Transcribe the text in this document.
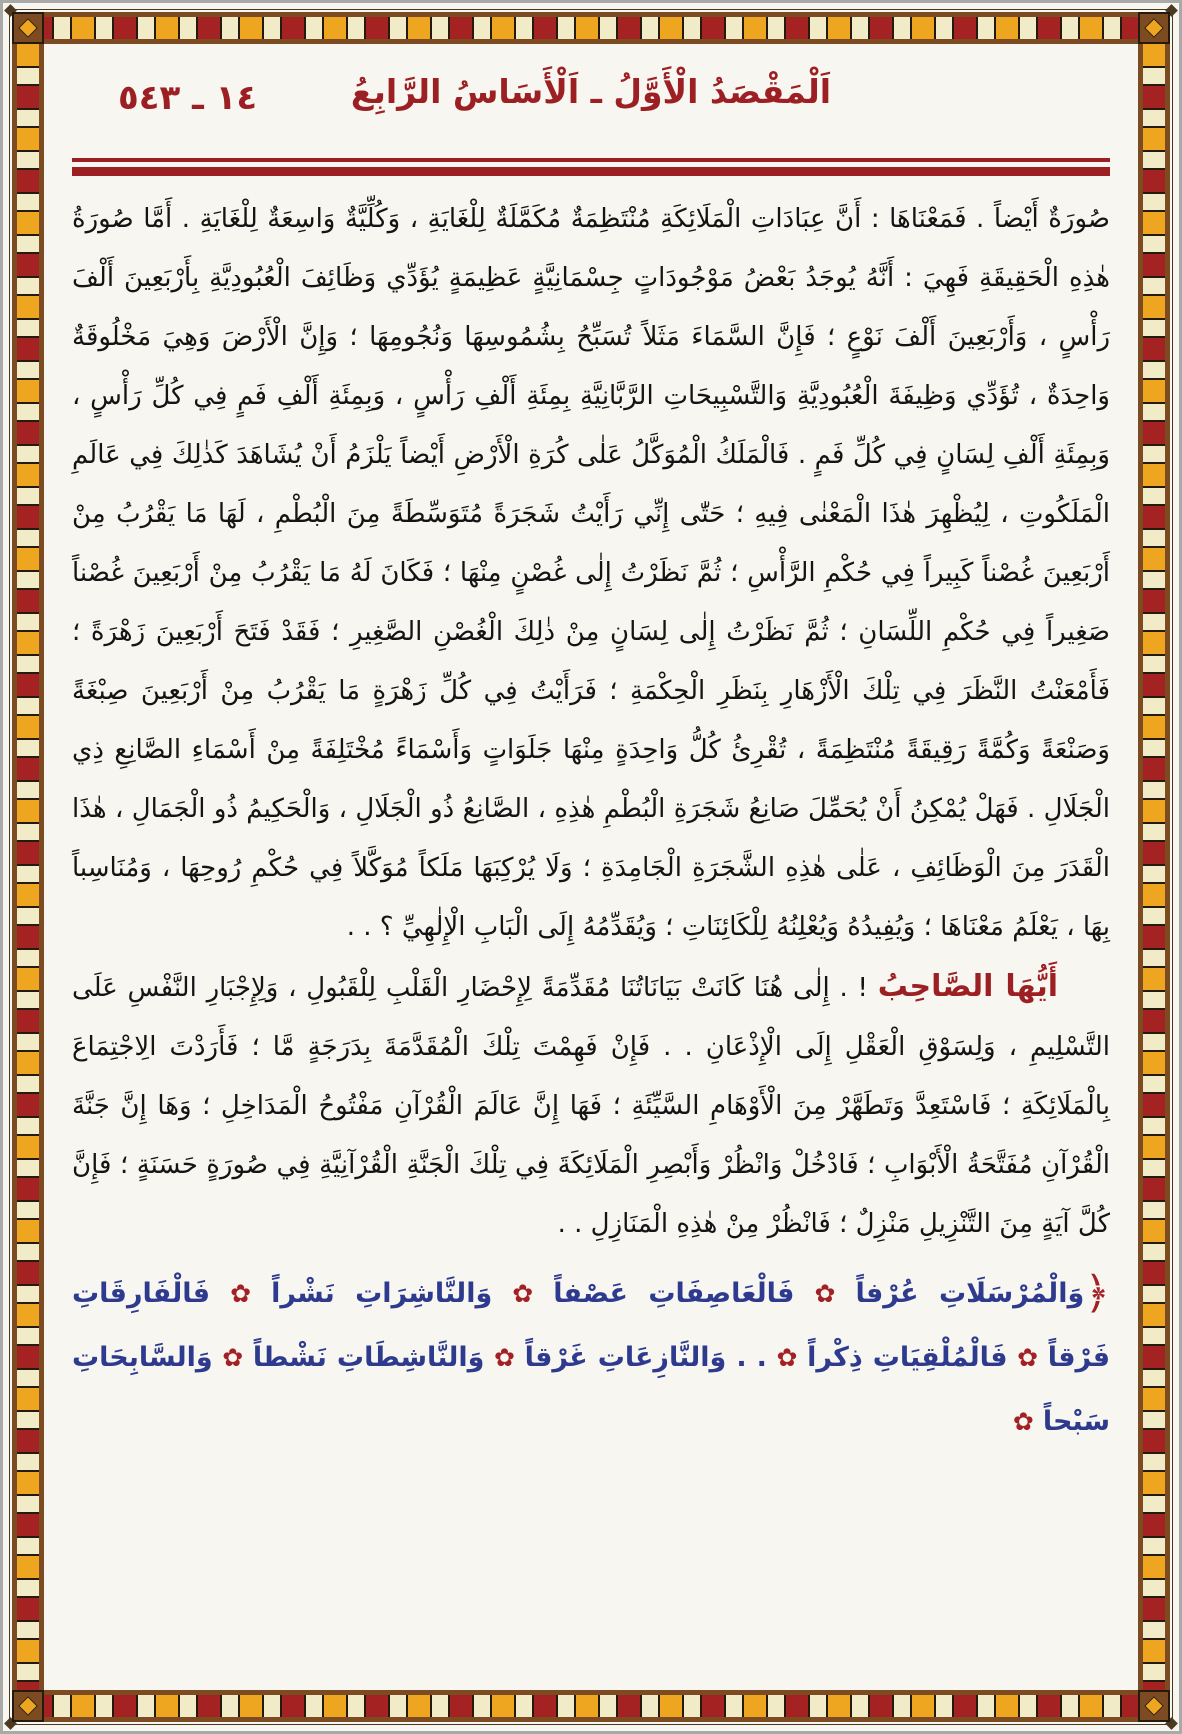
١٤ ـ ٥٤٣	اَلْمَقْصَدُ الْأَوَّلُ ـ اَلْأَسَاسُ الرَّابِعُ

صُورَةٌ أَيْضاً . فَمَعْنَاهَا : أَنَّ عِبَادَاتِ الْمَلَائِكَةِ مُنْتَظِمَةٌ مُكَمَّلَةٌ لِلْغَايَةِ ، وَكُلِّيَّةٌ وَاسِعَةٌ لِلْغَايَةِ . أَمَّا صُورَةُ هٰذِهِ الْحَقِيقَةِ فَهِيَ : أَنَّهُ يُوجَدُ بَعْضُ مَوْجُودَاتٍ جِسْمَانِيَّةٍ عَظِيمَةٍ يُؤَدِّي وَظَائِفَ الْعُبُودِيَّةِ بِأَرْبَعِينَ أَلْفَ رَأْسٍ ، وَأَرْبَعِينَ أَلْفَ نَوْعٍ ؛ فَإِنَّ السَّمَاءَ مَثَلاً تُسَبِّحُ بِشُمُوسِهَا وَنُجُومِهَا ؛ وَإِنَّ الْأَرْضَ وَهِيَ مَخْلُوقَةٌ وَاحِدَةٌ ، تُؤَدِّي وَظِيفَةَ الْعُبُودِيَّةِ وَالتَّسْبِيحَاتِ الرَّبَّانِيَّةِ بِمِئَةِ أَلْفِ رَأْسٍ ، وَبِمِئَةِ أَلْفِ فَمٍ فِي كُلِّ رَأْسٍ ، وَبِمِئَةِ أَلْفِ لِسَانٍ فِي كُلِّ فَمٍ . فَالْمَلَكُ الْمُوَكَّلُ عَلٰى كُرَةِ الْأَرْضِ أَيْضاً يَلْزَمُ أَنْ يُشَاهَدَ كَذٰلِكَ فِي عَالَمِ الْمَلَكُوتِ ، لِيُظْهِرَ هٰذَا الْمَعْنٰى فِيهِ ؛ حَتّٰى إِنِّي رَأَيْتُ شَجَرَةً مُتَوَسِّطَةً مِنَ الْبُطْمِ ، لَهَا مَا يَقْرُبُ مِنْ أَرْبَعِينَ غُصْناً كَبِيراً فِي حُكْمِ الرَّأْسِ ؛ ثُمَّ نَظَرْتُ إِلٰى غُصْنٍ مِنْهَا ؛ فَكَانَ لَهُ مَا يَقْرُبُ مِنْ أَرْبَعِينَ غُصْناً صَغِيراً فِي حُكْمِ اللِّسَانِ ؛ ثُمَّ نَظَرْتُ إِلٰى لِسَانٍ مِنْ ذٰلِكَ الْغُصْنِ الصَّغِيرِ ؛ فَقَدْ فَتَحَ أَرْبَعِينَ زَهْرَةً ؛ فَأَمْعَنْتُ النَّظَرَ فِي تِلْكَ الْأَزْهَارِ بِنَظَرِ الْحِكْمَةِ ؛ فَرَأَيْتُ فِي كُلِّ زَهْرَةٍ مَا يَقْرُبُ مِنْ أَرْبَعِينَ صِبْغَةً وَصَنْعَةً وَكُمَّةً رَقِيقَةً مُنْتَظِمَةً ، تُقْرِئُ كُلُّ وَاحِدَةٍ مِنْهَا جَلَوَاتٍ وَأَسْمَاءً مُخْتَلِفَةً مِنْ أَسْمَاءِ الصَّانِعِ ذِي الْجَلَالِ . فَهَلْ يُمْكِنُ أَنْ يُحَمِّلَ صَانِعُ شَجَرَةِ الْبُطْمِ هٰذِهِ ، الصَّانِعُ ذُو الْجَلَالِ ، وَالْحَكِيمُ ذُو الْجَمَالِ ، هٰذَا الْقَدَرَ مِنَ الْوَظَائِفِ ، عَلٰى هٰذِهِ الشَّجَرَةِ الْجَامِدَةِ ؛ وَلَا يُرْكِبَهَا مَلَكاً مُوَكَّلاً فِي حُكْمِ رُوحِهَا ، وَمُنَاسِباً بِهَا ، يَعْلَمُ مَعْنَاهَا ؛ وَيُفِيدُهُ وَيُعْلِنُهُ لِلْكَائِنَاتِ ؛ وَيُقَدِّمُهُ إِلَى الْبَابِ الْإِلٰهِيِّ ؟ . .

أَيُّهَا الصَّاحِبُ ! . إِلٰى هُنَا كَانَتْ بَيَانَاتُنَا مُقَدِّمَةً لِإِحْضَارِ الْقَلْبِ لِلْقَبُولِ ، وَلِإِجْبَارِ النَّفْسِ عَلَى التَّسْلِيمِ ، وَلِسَوْقِ الْعَقْلِ إِلَى الْإِذْعَانِ . . فَإِنْ فَهِمْتَ تِلْكَ الْمُقَدَّمَةَ بِدَرَجَةٍ مَّا ؛ فَأَرَدْتَ الِاجْتِمَاعَ بِالْمَلَائِكَةِ ؛ فَاسْتَعِدَّ وَتَطَهَّرْ مِنَ الْأَوْهَامِ السَّيِّئَةِ ؛ فَهَا إِنَّ عَالَمَ الْقُرْآنِ مَفْتُوحُ الْمَدَاخِلِ ؛ وَهَا إِنَّ جَنَّةَ الْقُرْآنِ مُفَتَّحَةُ الْأَبْوَابِ ؛ فَادْخُلْ وَانْظُرْ وَأَبْصِرِ الْمَلَائِكَةَ فِي تِلْكَ الْجَنَّةِ الْقُرْآنِيَّةِ فِي صُورَةٍ حَسَنَةٍ ؛ فَإِنَّ كُلَّ آيَةٍ مِنَ التَّنْزِيلِ مَنْزِلٌ ؛ فَانْظُرْ مِنْ هٰذِهِ الْمَنَازِلِ . .

﴿وَالْمُرْسَلَاتِ عُرْفاً✿فَالْعَاصِفَاتِ عَصْفاً✿وَالنَّاشِرَاتِ نَشْراً✿فَالْفَارِقَاتِ فَرْقاً✿فَالْمُلْقِيَاتِ ذِكْراً✿. . وَالنَّازِعَاتِ غَرْقاً✿وَالنَّاشِطَاتِ نَشْطاً✿وَالسَّابِحَاتِ سَبْحاً✿
